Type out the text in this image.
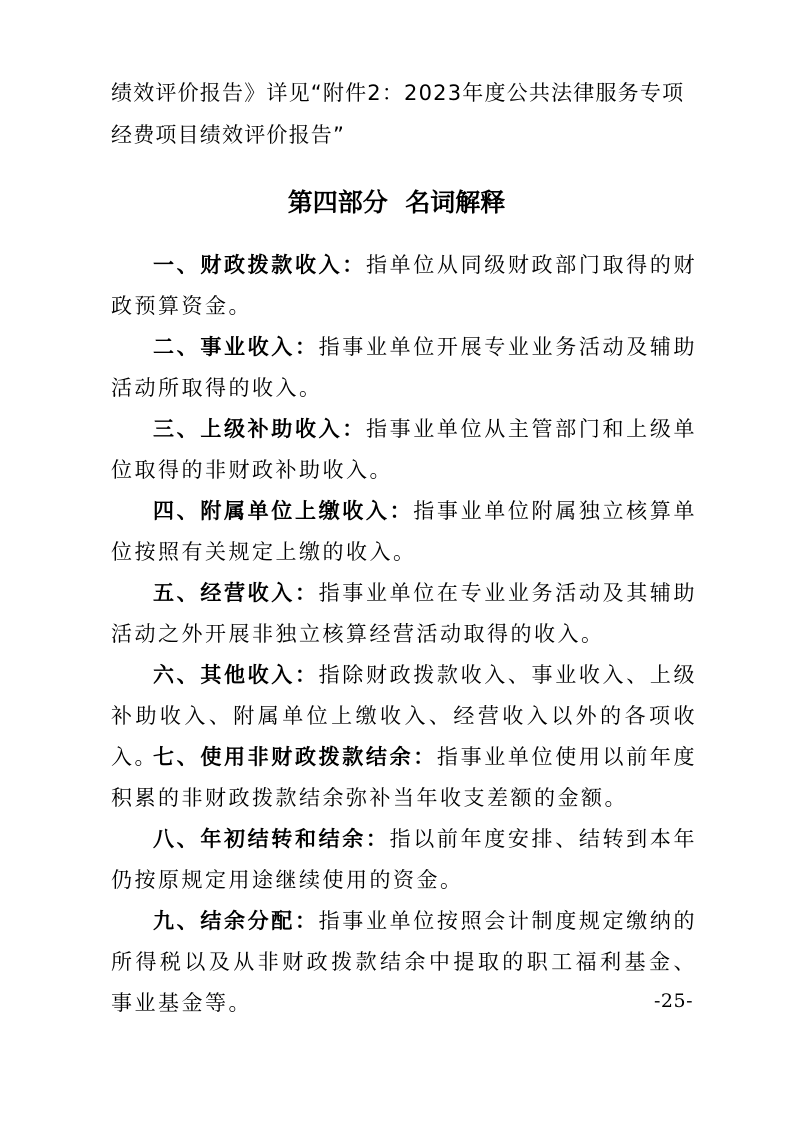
绩效评价报告》详见“附件2：2023年度公共法律服务专项经费项目绩效评价报告”

第四部分  名词解释

一、财政拨款收入：指单位从同级财政部门取得的财政预算资金。

二、事业收入：指事业单位开展专业业务活动及辅助活动所取得的收入。

三、上级补助收入：指事业单位从主管部门和上级单位取得的非财政补助收入。

四、附属单位上缴收入：指事业单位附属独立核算单位按照有关规定上缴的收入。

五、经营收入：指事业单位在专业业务活动及其辅助活动之外开展非独立核算经营活动取得的收入。

六、其他收入：指除财政拨款收入、事业收入、上级补助收入、附属单位上缴收入、经营收入以外的各项收入。

七、使用非财政拨款结余：指事业单位使用以前年度积累的非财政拨款结余弥补当年收支差额的金额。

八、年初结转和结余：指以前年度安排、结转到本年仍按原规定用途继续使用的资金。

九、结余分配：指事业单位按照会计制度规定缴纳的所得税以及从非财政拨款结余中提取的职工福利基金、事业基金等。	-25-
